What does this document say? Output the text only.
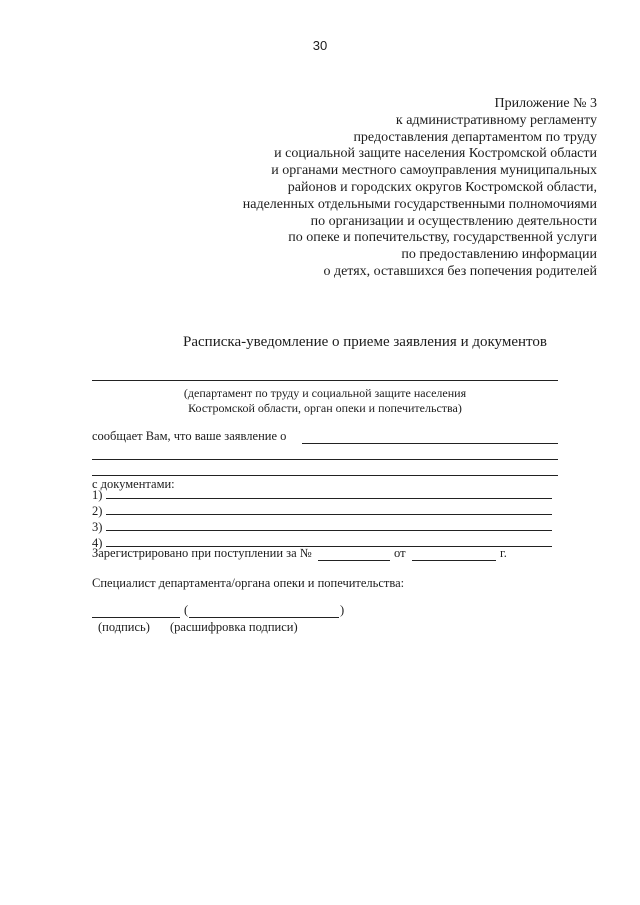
30
Приложение № 3
к административному регламенту
предоставления департаментом по труду
и социальной защите населения Костромской области
и органами местного самоуправления муниципальных
районов и городских округов Костромской области,
наделенных отдельными государственными полномочиями
по организации и осуществлению деятельности
по опеке и попечительству, государственной услуги
по предоставлению информации
о детях, оставшихся без попечения родителей
Расписка-уведомление о приеме заявления и документов
(департамент по труду и социальной защите населения
Костромской области, орган опеки и попечительства)
сообщает Вам, что ваше заявление о
с документами:
1)
2)
3)
4)
Зарегистрировано при поступлении за №	от	г.
Специалист департамента/органа опеки и попечительства:
(	)
(подпись) (расшифровка подписи)
